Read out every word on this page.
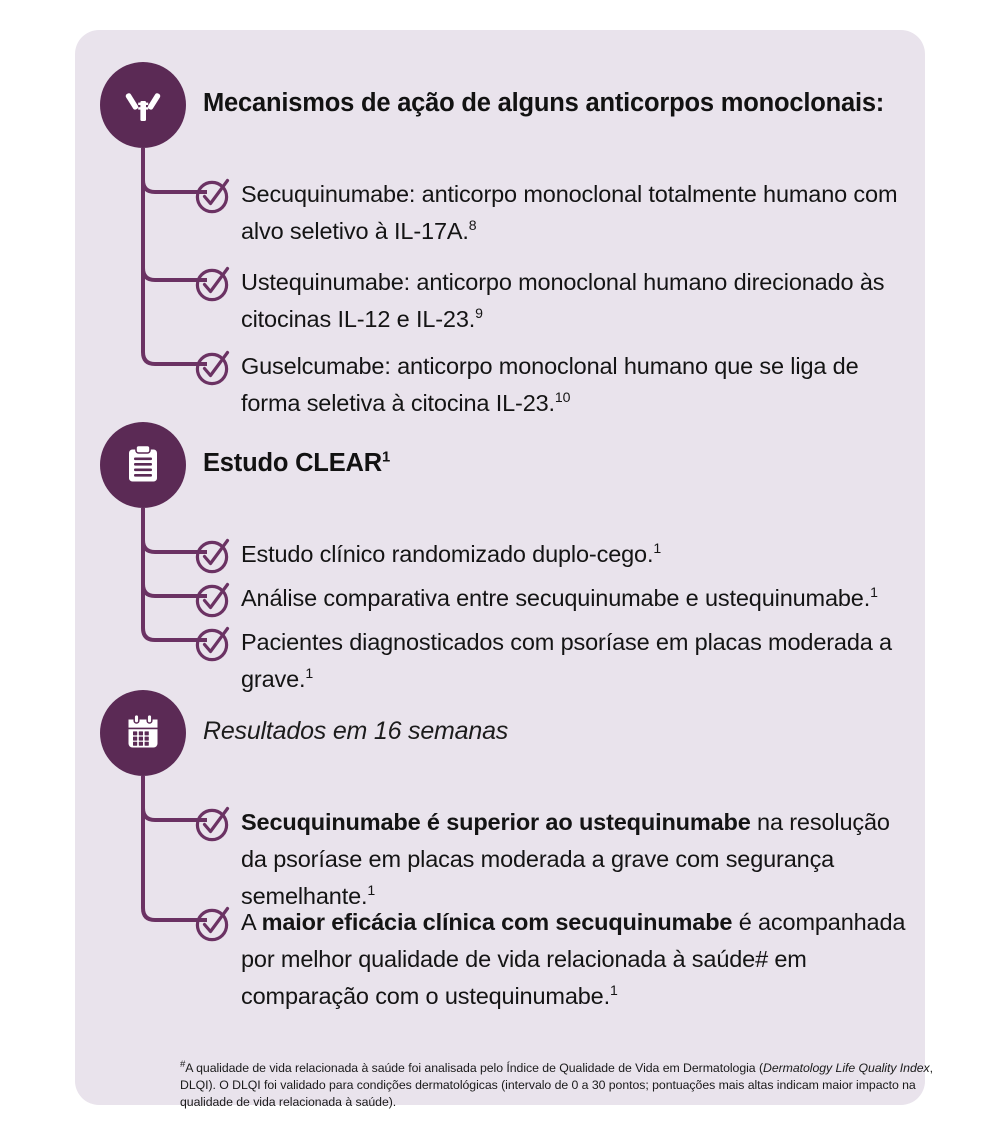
Mecanismos de ação de alguns anticorpos monoclonais:
Secuquinumabe: anticorpo monoclonal totalmente humano com alvo seletivo à IL-17A.$^8$
Ustequinumabe: anticorpo monoclonal humano direcionado às citocinas IL-12 e IL-23.$^9$
Guselcumabe: anticorpo monoclonal humano que se liga de forma seletiva à citocina IL-23.10
Estudo CLEAR$^1$
Estudo clínico randomizado duplo-cego.$^1$
Análise comparativa entre secuquinumabe e ustequinumabe.$^1$
Pacientes diagnosticados com psoríase em placas moderada a grave.$^1$
Resultados em 16 semanas
Secuquinumabe é superior ao ustequinumabe na resolução da psoríase em placas moderada a grave com segurança semelhante.$^1$
A maior eficácia clínica com secuquinumabe é acompanhada por melhor qualidade de vida relacionada à saúde# em comparação com o ustequinumabe.$^1$
#A qualidade de vida relacionada à saúde foi analisada pelo Índice de Qualidade de Vida em Dermatologia (Dermatology Life Quality Index, DLQI). O DLQI foi validado para condições dermatológicas (intervalo de 0 a 30 pontos; pontuações mais altas indicam maior impacto na qualidade de vida relacionada à saúde).
